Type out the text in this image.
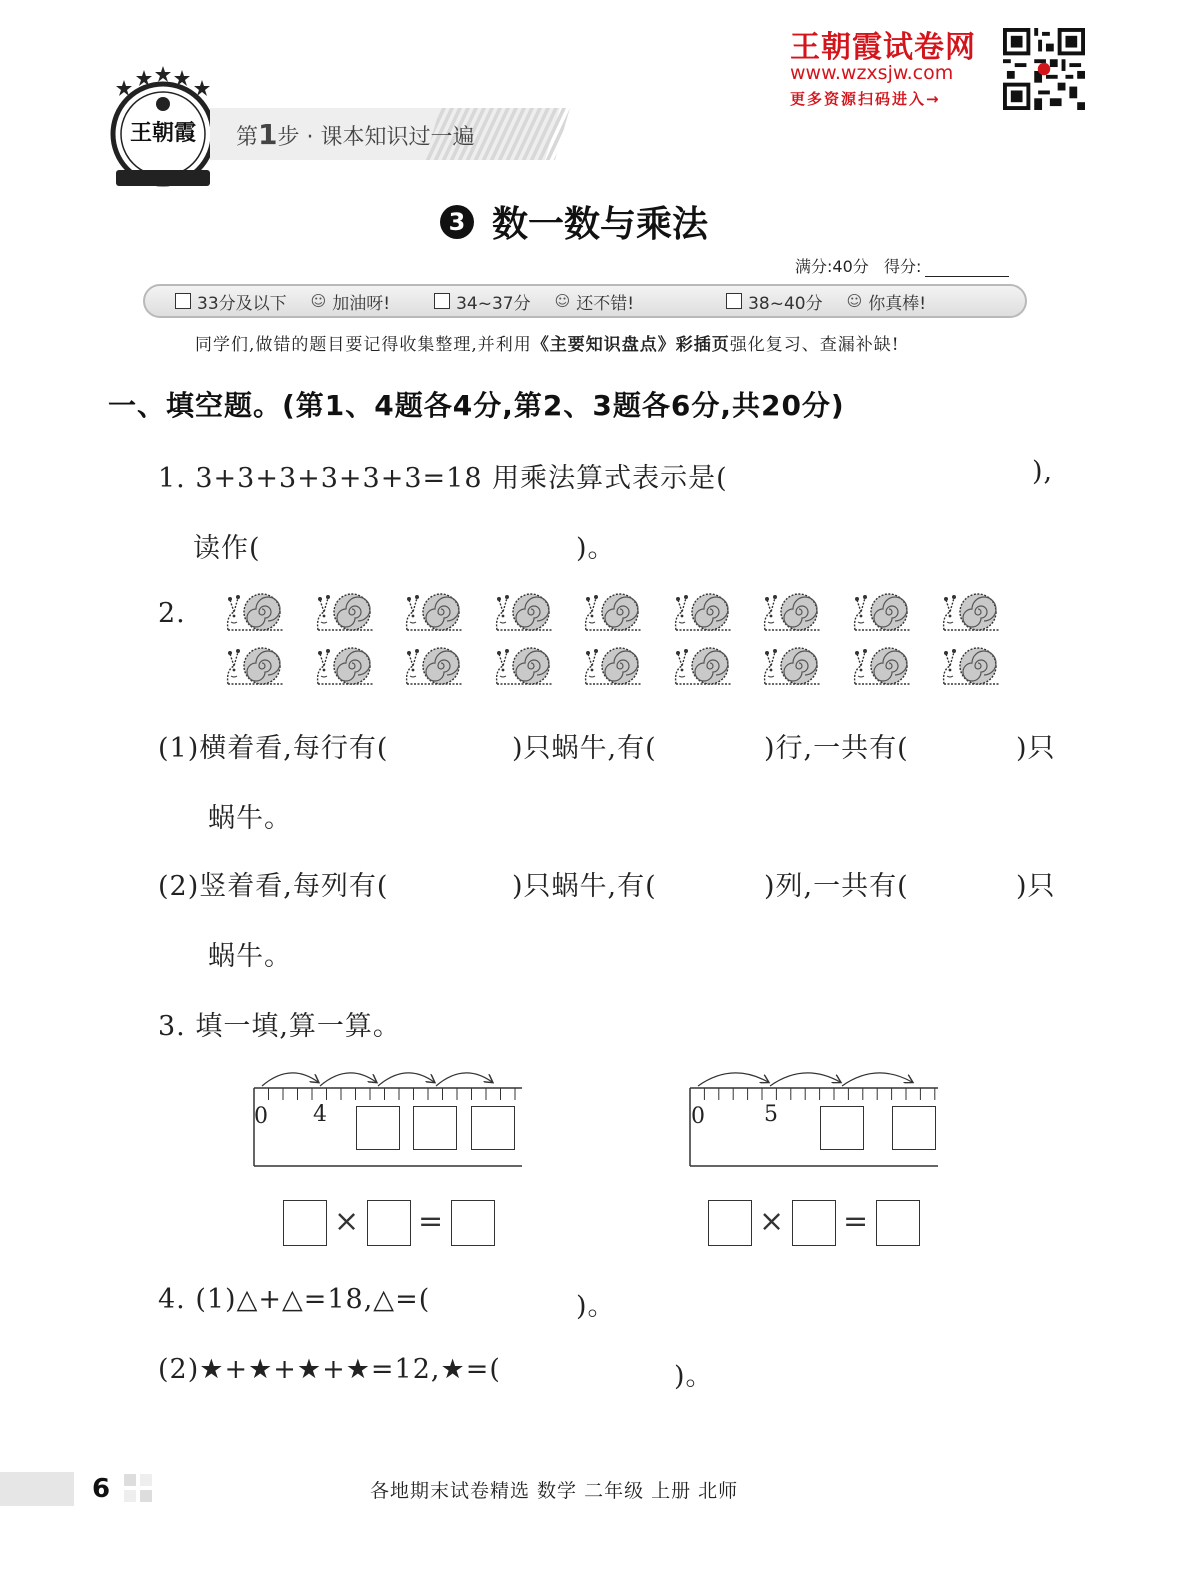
王朝霞试卷网
www.wzxsjw.com
更多资源扫码进入→
王朝霞 第1步 · 课本知识过一遍
3 数一数与乘法
满分:40分 得分:
33分及以下 ☺ 加油呀!	34~37分 ☺ 还不错!	38~40分 ☺ 你真棒!
同学们,做错的题目要记得收集整理,并利用《主要知识盘点》彩插页强化复习、查漏补缺!
一、填空题。(第1、4题各4分,第2、3题各6分,共20分)
1. 3+3+3+3+3+3=18 用乘法算式表示是(	),
读作(	)。
2.
(1)横着看,每行有(	)只蜗牛,有(	)行,一共有(	)只
蜗牛。
(2)竖着看,每列有(	)只蜗牛,有(	)列,一共有(	)只
蜗牛。
3. 填一填,算一算。
0 4	0	5
× =	× =
4. (1)△+△=18,△=(	)。
(2)★+★+★+★=12,★=(	)。
6	各地期末试卷精选 数学 二年级 上册 北师
